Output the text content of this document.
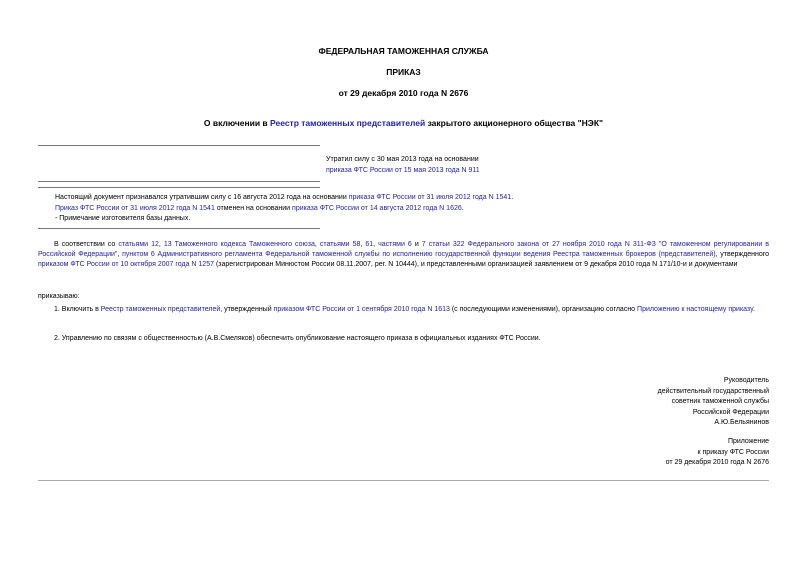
ФЕДЕРАЛЬНАЯ ТАМОЖЕННАЯ СЛУЖБА
ПРИКАЗ
от 29 декабря 2010 года N 2676
О включении в Реестр таможенных представителей закрытого акционерного общества "НЭК"
Утратил силу с 30 мая 2013 года на основании
приказа ФТС России от 15 мая 2013 года N 911
Настоящий документ признавался утратившим силу с 16 августа 2012 года на основании приказа ФТС России от 31 июля 2012 года N 1541.
Приказ ФТС России от 31 июля 2012 года N 1541 отменен на основании приказа ФТС России от 14 августа 2012 года N 1626.
- Примечание изготовителя базы данных.
В соответствии со статьями 12, 13 Таможенного кодекса Таможенного союза, статьями 58, 61, частями 6 и 7 статьи 322 Федерального закона от 27 ноября 2010 года N 311-ФЗ "О таможенном регулировании в Российской Федерации", пунктом 6 Административного регламента Федеральной таможенной службы по исполнению государственной функции ведения Реестра таможенных брокеров (представителей), утвержденного приказом ФТС России от 10 октября 2007 года N 1257 (зарегистрирован Минюстом России 08.11.2007, рег. N 10444), и представленными организацией заявлением от 9 декабря 2010 года N 171/10-и и документами
приказываю:
1. Включить в Реестр таможенных представителей, утвержденный приказом ФТС России от 1 сентября 2010 года N 1613 (с последующими изменениями), организацию согласно Приложению к настоящему приказу.
2. Управлению по связям с общественностью (А.В.Смеляков) обеспечить опубликование настоящего приказа в официальных изданиях ФТС России.
Руководитель
действительный государственный
советник таможенной службы
Российской Федерации
А.Ю.Бельянинов
Приложение
к приказу ФТС России
от 29 декабря 2010 года N 2676
